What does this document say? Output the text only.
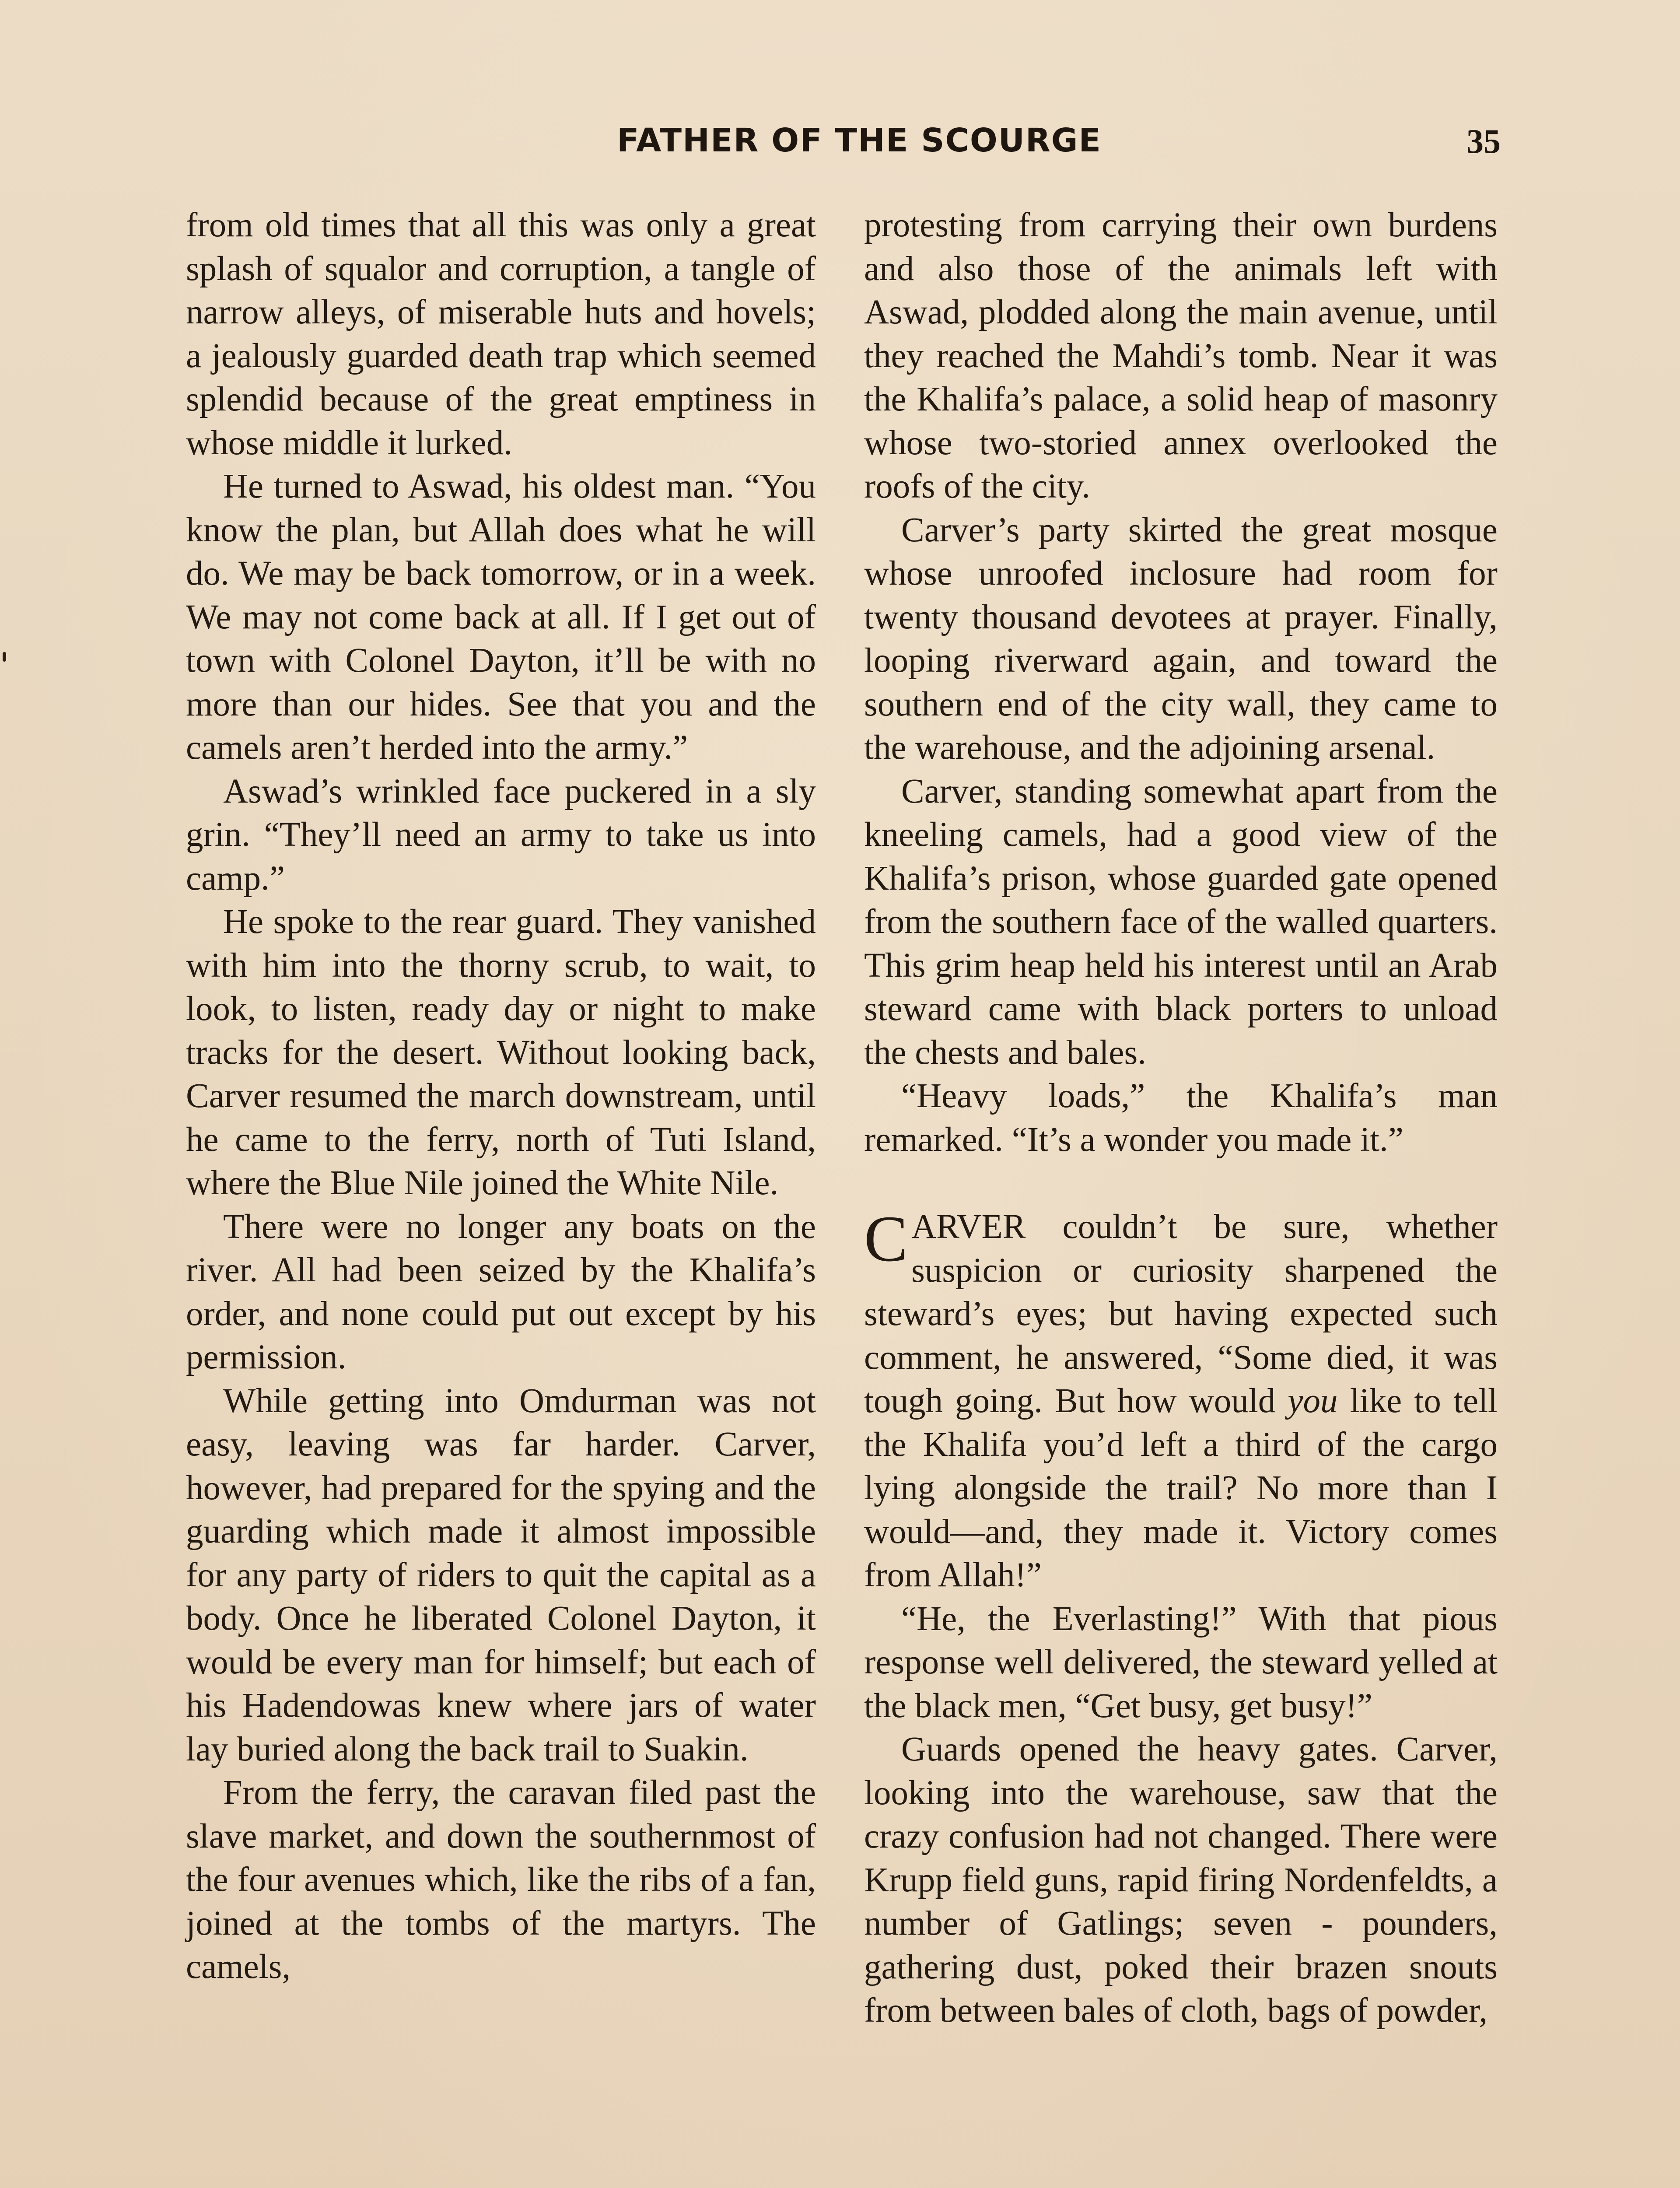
FATHER OF THE SCOURGE	35

from old times that all this was only a great splash of squalor and corruption, a tangle of narrow alleys, of miserable huts and hovels; a jealously guarded death trap which seemed splendid because of the great emptiness in whose middle it lurked.

He turned to Aswad, his oldest man. “You know the plan, but Allah does what he will do. We may be back tomorrow, or in a week. We may not come back at all. If I get out of town with Colonel Dayton, it’ll be with no more than our hides. See that you and the camels aren’t herded into the army.”

Aswad’s wrinkled face puckered in a sly grin. “They’ll need an army to take us into camp.”

He spoke to the rear guard. They vanished with him into the thorny scrub, to wait, to look, to listen, ready day or night to make tracks for the desert. Without looking back, Carver resumed the march downstream, until he came to the ferry, north of Tuti Island, where the Blue Nile joined the White Nile.

There were no longer any boats on the river. All had been seized by the Khalifa’s order, and none could put out except by his permission.

While getting into Omdurman was not easy, leaving was far harder. Carver, however, had prepared for the spying and the guarding which made it almost impossible for any party of riders to quit the capital as a body. Once he liberated Colonel Dayton, it would be every man for himself; but each of his Hadendowas knew where jars of water lay buried along the back trail to Suakin.

From the ferry, the caravan filed past the slave market, and down the southernmost of the four avenues which, like the ribs of a fan, joined at the tombs of the martyrs. The camels,

protesting from carrying their own burdens and also those of the animals left with Aswad, plodded along the main avenue, until they reached the Mahdi’s tomb. Near it was the Khalifa’s palace, a solid heap of masonry whose two-storied annex overlooked the roofs of the city.

Carver’s party skirted the great mosque whose unroofed inclosure had room for twenty thousand devotees at prayer. Finally, looping riverward again, and toward the southern end of the city wall, they came to the warehouse, and the adjoining arsenal.

Carver, standing somewhat apart from the kneeling camels, had a good view of the Khalifa’s prison, whose guarded gate opened from the southern face of the walled quarters. This grim heap held his interest until an Arab steward came with black porters to unload the chests and bales.

“Heavy loads,” the Khalifa’s man remarked. “It’s a wonder you made it.”

CARVER couldn’t be sure, whether suspicion or curiosity sharpened the steward’s eyes; but having expected such comment, he answered, “Some died, it was tough going. But how would you like to tell the Khalifa you’d left a third of the cargo lying alongside the trail? No more than I would—and, they made it. Victory comes from Allah!”

“He, the Everlasting!” With that pious response well delivered, the steward yelled at the black men, “Get busy, get busy!”

Guards opened the heavy gates. Carver, looking into the warehouse, saw that the crazy confusion had not changed. There were Krupp field guns, rapid firing Nordenfeldts, a number of Gatlings; seven - pounders, gathering dust, poked their brazen snouts from between bales of cloth, bags of powder,
